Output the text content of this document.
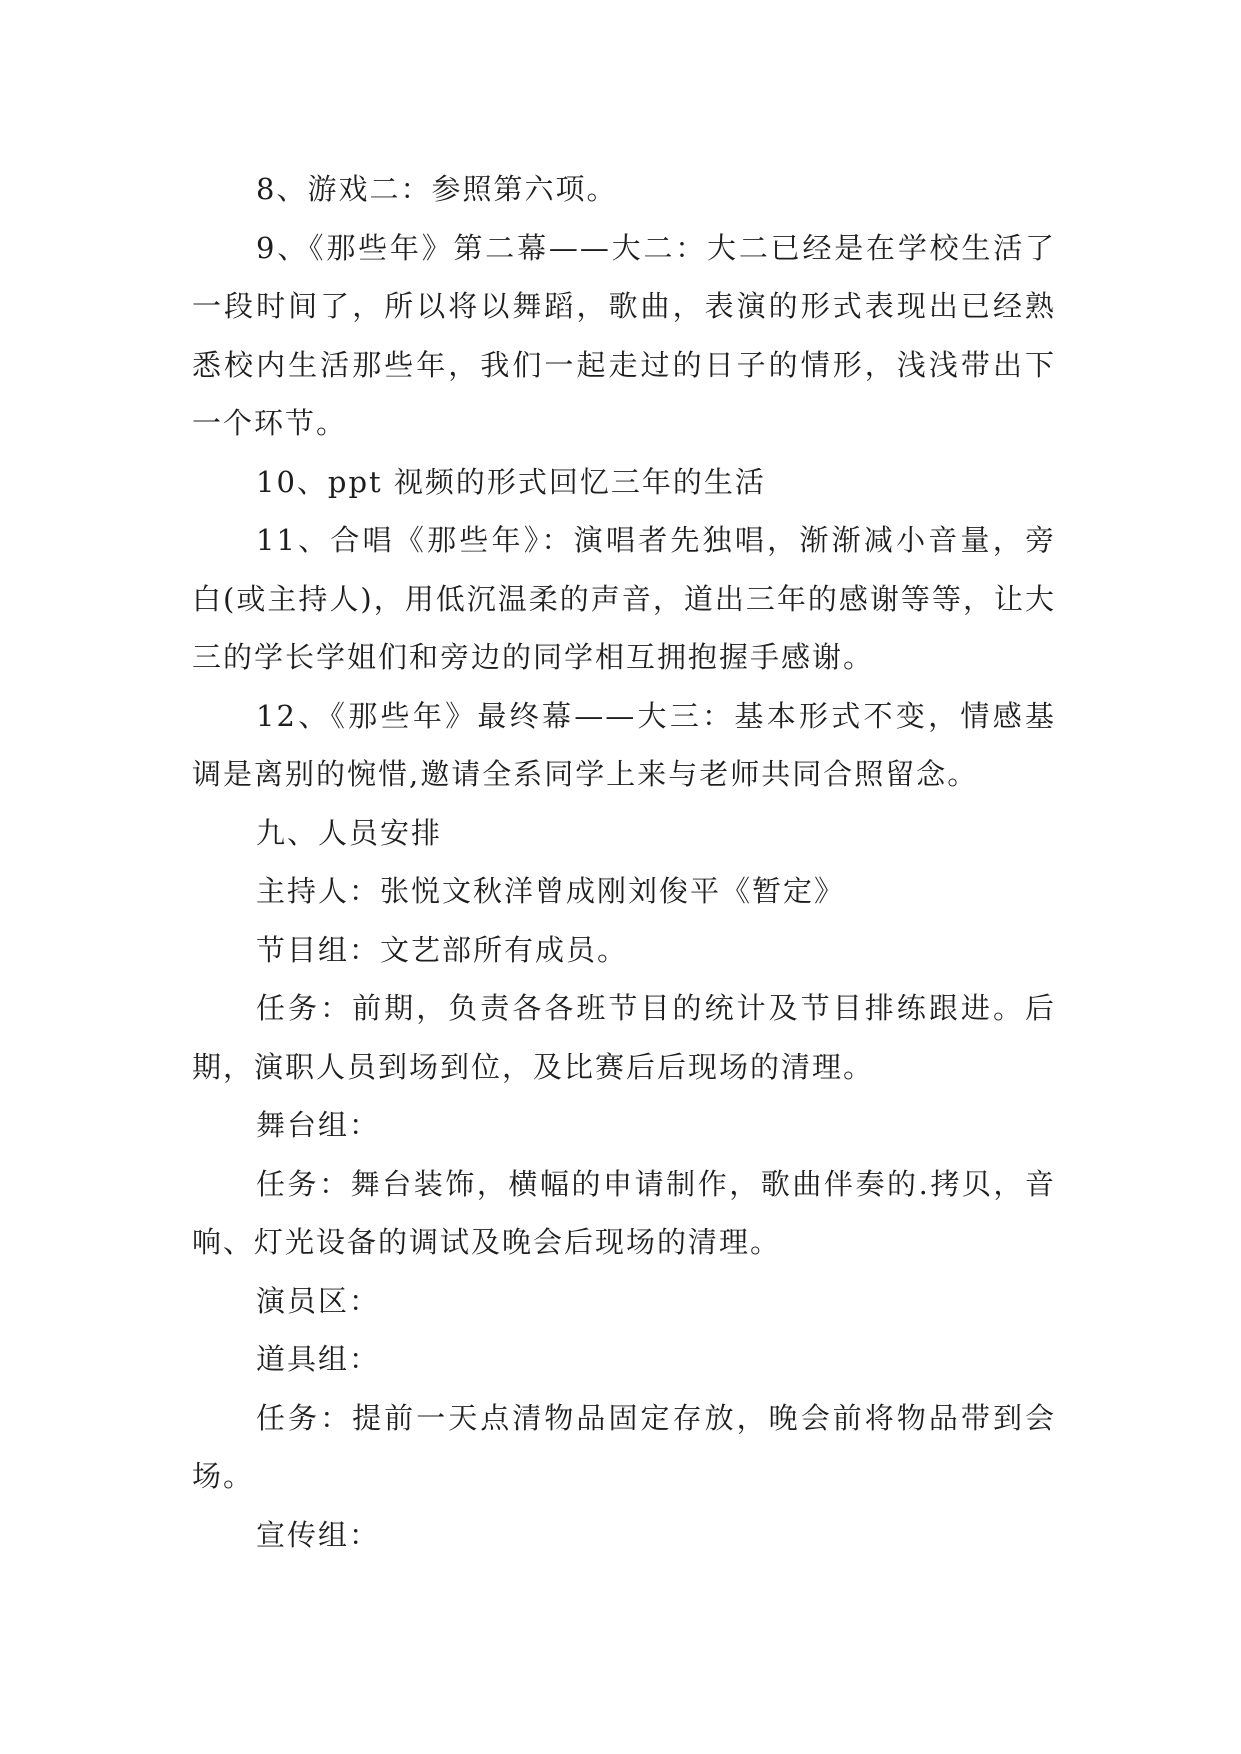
8、游戏二：参照第六项。

9、《那些年》第二幕——大二：大二已经是在学校生活了一段时间了，所以将以舞蹈，歌曲，表演的形式表现出已经熟悉校内生活那些年，我们一起走过的日子的情形，浅浅带出下一个环节。

10、ppt 视频的形式回忆三年的生活

11、合唱《那些年》：演唱者先独唱，渐渐减小音量，旁白(或主持人)，用低沉温柔的声音，道出三年的感谢等等，让大三的学长学姐们和旁边的同学相互拥抱握手感谢。

12、《那些年》最终幕——大三：基本形式不变，情感基调是离别的惋惜,邀请全系同学上来与老师共同合照留念。

九、人员安排

主持人：张悦文秋洋曾成刚刘俊平《暂定》

节目组：文艺部所有成员。

任务：前期，负责各各班节目的统计及节目排练跟进。后期，演职人员到场到位，及比赛后后现场的清理。

舞台组：

任务：舞台装饰，横幅的申请制作，歌曲伴奏的.拷贝，音响、灯光设备的调试及晚会后现场的清理。

演员区：

道具组：

任务：提前一天点清物品固定存放，晚会前将物品带到会场。

宣传组：
